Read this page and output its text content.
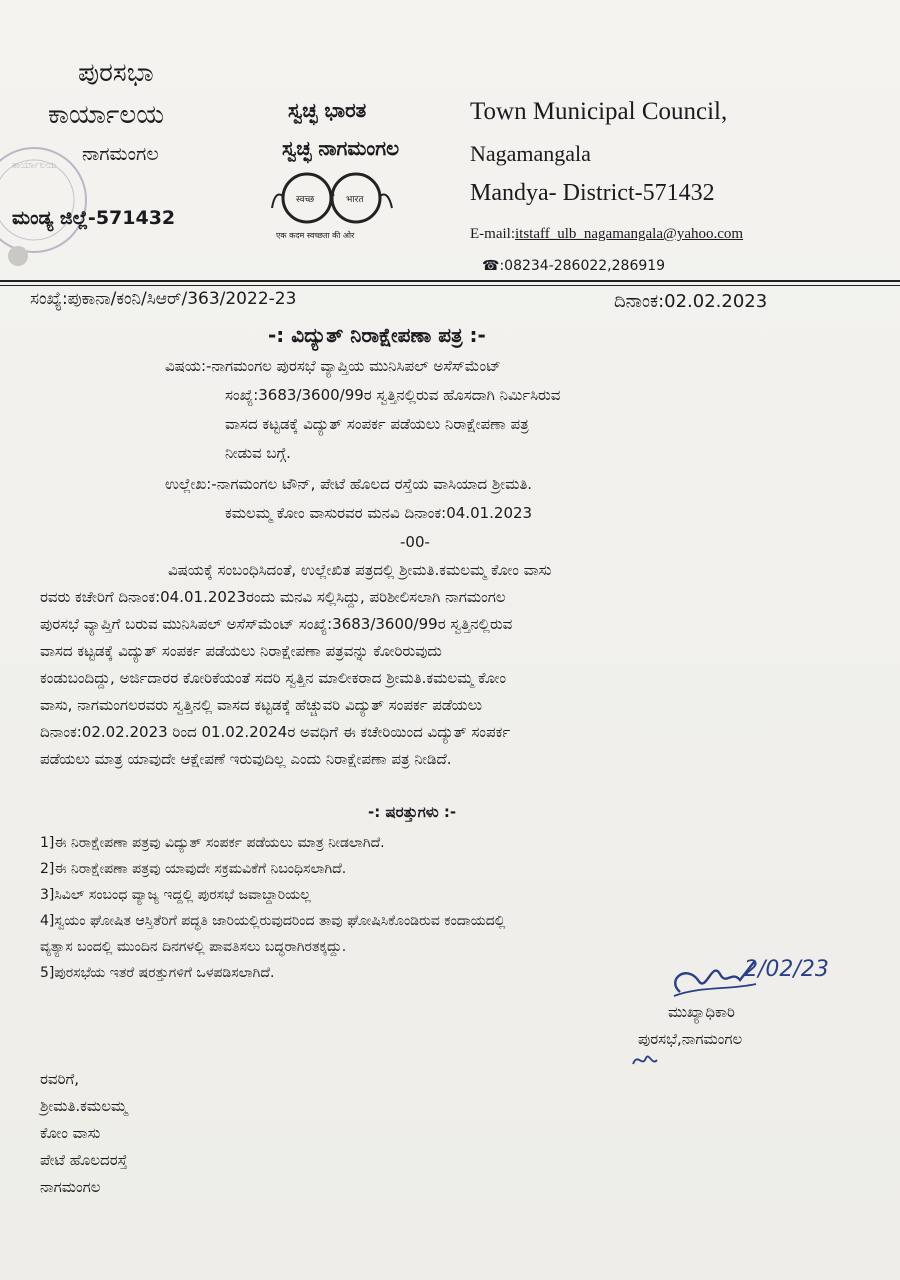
ಕಾರ್ಯಾಲಯ
ಪುರಸಭಾ
ಕಾರ್ಯಾಲಯ
ನಾಗಮಂಗಲ
ಮಂಡ್ಯ ಜಿಲ್ಲೆ-571432
ಸ್ವಚ್ಛ ಭಾರತ
ಸ್ವಚ್ಛ ನಾಗಮಂಗಲ
स्वच्छ	भारत
एक कदम स्वच्छता की ओर
Town Municipal Council,
Nagamangala
Mandya- District-571432
E-mail:itstaff_ulb_nagamangala@yahoo.com
☎:08234-286022,286919
ಸಂಖ್ಯೆ:ಪುಕಾನಾ/ಕಂನಿ/ಸಿಆರ್/363/2022-23	ದಿನಾಂಕ:02.02.2023
-: ವಿದ್ಯುತ್ ನಿರಾಕ್ಷೇಪಣಾ ಪತ್ರ :-

ವಿಷಯ:-ನಾಗಮಂಗಲ ಪುರಸಭೆ ವ್ಯಾಪ್ತಿಯ ಮುನಿಸಿಪಲ್ ಅಸೆಸ್‌ಮೆಂಟ್

ಸಂಖ್ಯೆ:3683/3600/99ರ ಸ್ವತ್ತಿನಲ್ಲಿರುವ ಹೊಸದಾಗಿ ನಿರ್ಮಿಸಿರುವ

ವಾಸದ ಕಟ್ಟಡಕ್ಕೆ ವಿದ್ಯುತ್ ಸಂಪರ್ಕ ಪಡೆಯಲು ನಿರಾಕ್ಷೇಪಣಾ ಪತ್ರ

ನೀಡುವ ಬಗ್ಗೆ.

ಉಲ್ಲೇಖ:-ನಾಗಮಂಗಲ ಟೌನ್, ಪೇಟೆ ಹೊಲದ ರಸ್ತೆಯ ವಾಸಿಯಾದ ಶ್ರೀಮತಿ.

ಕಮಲಮ್ಮ ಕೋಂ ವಾಸುರವರ ಮನವಿ ದಿನಾಂಕ:04.01.2023

-00-

ವಿಷಯಕ್ಕೆ ಸಂಬಂಧಿಸಿದಂತೆ, ಉಲ್ಲೇಖಿತ ಪತ್ರದಲ್ಲಿ ಶ್ರೀಮತಿ.ಕಮಲಮ್ಮ ಕೋಂ ವಾಸು

ರವರು ಕಚೇರಿಗೆ ದಿನಾಂಕ:04.01.2023ರಂದು ಮನವಿ ಸಲ್ಲಿಸಿದ್ದು, ಪರಿಶೀಲಿಸಲಾಗಿ ನಾಗಮಂಗಲ

ಪುರಸಭೆ ವ್ಯಾಪ್ತಿಗೆ ಬರುವ ಮುನಿಸಿಪಲ್ ಅಸೆಸ್‌ಮೆಂಟ್ ಸಂಖ್ಯೆ:3683/3600/99ರ ಸ್ವತ್ತಿನಲ್ಲಿರುವ

ವಾಸದ ಕಟ್ಟಡಕ್ಕೆ ವಿದ್ಯುತ್ ಸಂಪರ್ಕ ಪಡೆಯಲು ನಿರಾಕ್ಷೇಪಣಾ ಪತ್ರವನ್ನು ಕೋರಿರುವುದು

ಕಂಡುಬಂದಿದ್ದು, ಅರ್ಜಿದಾರರ ಕೋರಿಕೆಯಂತೆ ಸದರಿ ಸ್ವತ್ತಿನ ಮಾಲೀಕರಾದ ಶ್ರೀಮತಿ.ಕಮಲಮ್ಮ ಕೋಂ

ವಾಸು, ನಾಗಮಂಗಲರವರು ಸ್ವತ್ತಿನಲ್ಲಿ ವಾಸದ ಕಟ್ಟಡಕ್ಕೆ ಹೆಚ್ಚುವರಿ ವಿದ್ಯುತ್ ಸಂಪರ್ಕ ಪಡೆಯಲು

ದಿನಾಂಕ:02.02.2023 ರಿಂದ 01.02.2024ರ ಅವಧಿಗೆ ಈ ಕಚೇರಿಯಿಂದ ವಿದ್ಯುತ್ ಸಂಪರ್ಕ

ಪಡೆಯಲು ಮಾತ್ರ ಯಾವುದೇ ಆಕ್ಷೇಪಣೆ ಇರುವುದಿಲ್ಲ ಎಂದು ನಿರಾಕ್ಷೇಪಣಾ ಪತ್ರ ನೀಡಿದೆ.

-: ಷರತ್ತುಗಳು :-

1]ಈ ನಿರಾಕ್ಷೇಪಣಾ ಪತ್ರವು ವಿದ್ಯುತ್ ಸಂಪರ್ಕ ಪಡೆಯಲು ಮಾತ್ರ ನೀಡಲಾಗಿದೆ.

2]ಈ ನಿರಾಕ್ಷೇಪಣಾ ಪತ್ರವು ಯಾವುದೇ ಸಕ್ರಮವಿಕೆಗೆ ನಿಬಂಧಿಸಲಾಗಿದೆ.

3]ಸಿವಿಲ್ ಸಂಬಂಧ ವ್ಯಾಜ್ಯ ಇದ್ದಲ್ಲಿ ಪುರಸಭೆ ಜವಾಬ್ದಾರಿಯಲ್ಲ

4]ಸ್ವಯಂ ಘೋಷಿತ ಆಸ್ತಿತೆರಿಗೆ ಪದ್ಧತಿ ಜಾರಿಯಲ್ಲಿರುವುದರಿಂದ ತಾವು ಘೋಷಿಸಿಕೊಂಡಿರುವ ಕಂದಾಯದಲ್ಲಿ

ವ್ಯತ್ಯಾಸ ಬಂದಲ್ಲಿ ಮುಂದಿನ ದಿನಗಳಲ್ಲಿ ಪಾವತಿಸಲು ಬದ್ಧರಾಗಿರತಕ್ಕದ್ದು.

5]ಪುರಸಭೆಯ ಇತರೆ ಷರತ್ತುಗಳಿಗೆ ಒಳಪಡಿಸಲಾಗಿದೆ.	2/02/23
ಮುಖ್ಯಾಧಿಕಾರಿ
ಪುರಸಭೆ,ನಾಗಮಂಗಲ

ರವರಿಗೆ,

ಶ್ರೀಮತಿ.ಕಮಲಮ್ಮ

ಕೋಂ ವಾಸು

ಪೇಟೆ ಹೊಲದರಸ್ತೆ

ನಾಗಮಂಗಲ
